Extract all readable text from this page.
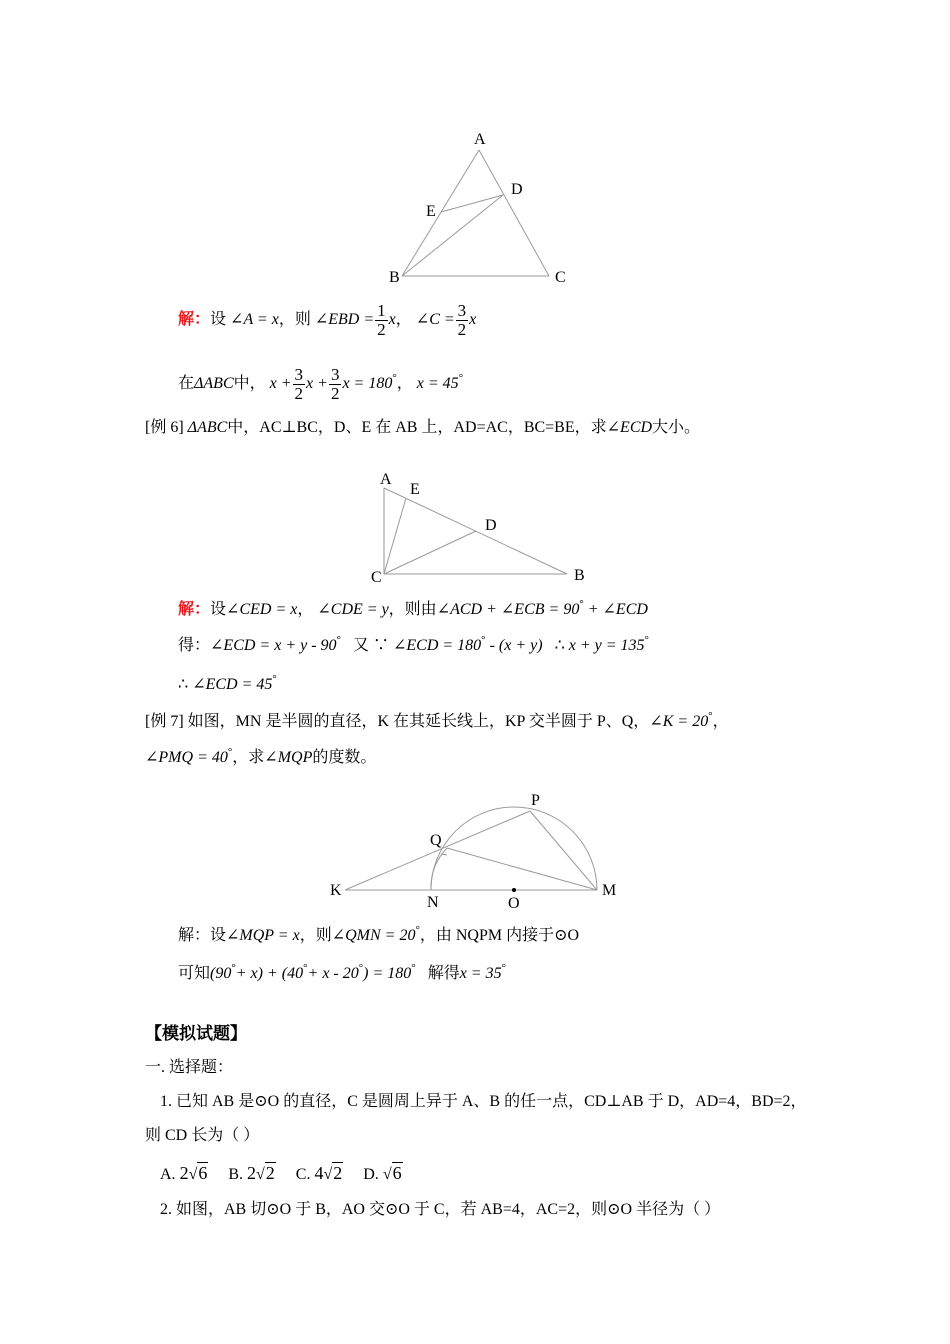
A
D
E
B	C
解：设 ∠A = x，则 ∠EBD = $\frac{1}{2}$ x， ∠C = $\frac{3}{2}$ x
在ΔABC中， $x + \frac{3}{2}$ $x + \frac{3}{2}$ x = 180°， x = 45°
[例 6] ΔABC中，AC⊥BC，D、E 在 AB 上，AD=AC，BC=BE，求∠ECD大小。
A
E
D
C	B
解：设∠CED = x， ∠CDE = y，则由∠ACD + ∠ECB = 90° + ∠ECD
得：∠ECD = x + y - 90° 又 ∵ ∠ECD = 180° - (x + y) ∴ x + y = 135°
∴ ∠ECD = 45°
[例 7] 如图，MN 是半圆的直径，K 在其延长线上，KP 交半圆于 P、Q，∠K = 20°，
∠PMQ = 40°，求∠MQP的度数。
P
Q
K	M
N	O
解：设∠MQP = x，则∠QMN = 20°，由 NQPM 内接于⊙O
可知(90°+ x) + (40°+ x - 20°) = 180° 解得x = 35°
【模拟试题】
一. 选择题：
1. 已知 AB 是⊙O 的直径，C 是圆周上异于 A、B 的任一点，CD⊥AB 于 D，AD=4，BD=2，
则 CD 长为（ ）
A. 2√6 B. 2√2 C. 4√2 D. √6
2. 如图，AB 切⊙O 于 B，AO 交⊙O 于 C，若 AB=4，AC=2，则⊙O 半径为（ ）
